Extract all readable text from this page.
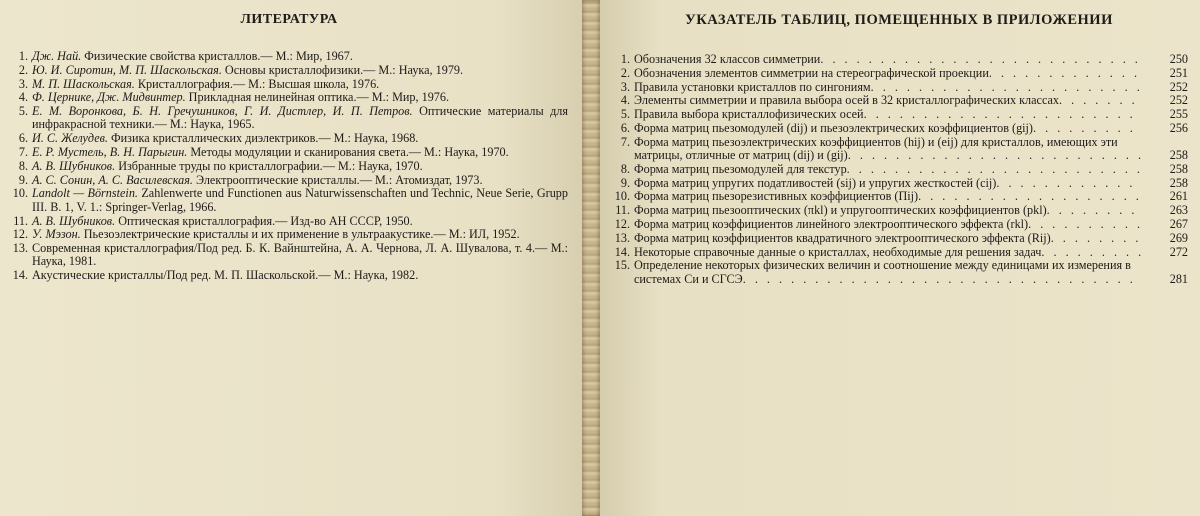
ЛИТЕРАТУРА
1. Дж. Най. Физические свойства кристаллов.— М.: Мир, 1967.
2. Ю. И. Сиротин, М. П. Шаскольская. Основы кристаллофизики.— М.: Наука, 1979.
3. М. П. Шаскольская. Кристаллография.— М.: Высшая школа, 1976.
4. Ф. Цернике, Дж. Мидвинтер. Прикладная нелинейная оптика.— М.: Мир, 1976.
5. Е. М. Воронкова, Б. Н. Гречушников, Г. И. Дистлер, И. П. Петров. Оптические материалы для инфракрасной техники.— М.: Наука, 1965.
6. И. С. Желудев. Физика кристаллических диэлектриков.— М.: Наука, 1968.
7. Е. Р. Мустель, В. Н. Парыгин. Методы модуляции и сканирования света.— М.: Наука, 1970.
8. А. В. Шубников. Избранные труды по кристаллографии.— М.: Наука, 1970.
9. А. С. Сонин, А. С. Василевская. Электрооптические кристаллы.— М.: Атомиздат, 1973.
10. Landolt — Börnstein. Zahlenwerte und Functionen aus Naturwissenschaften und Technic, Neue Serie, Grupp III. B. 1, V. 1.: Springer-Verlag, 1966.
11. А. В. Шубников. Оптическая кристаллография.— Изд-во АН СССР, 1950.
12. У. Мэзон. Пьезоэлектрические кристаллы и их применение в ультраакустике.— М.: ИЛ, 1952.
13. Современная кристаллография/Под ред. Б. К. Вайнштейна, А. А. Чернова, Л. А. Шувалова, т. 4.— М.: Наука, 1981.
14. Акустические кристаллы/Под ред. М. П. Шаскольской.— М.: Наука, 1982.
УКАЗАТЕЛЬ ТАБЛИЦ, ПОМЕЩЕННЫХ В ПРИЛОЖЕНИИ
1. Обозначения 32 классов симметрии . . .	250
2. Обозначения элементов симметрии на стереографической проекции . . .	251
3. Правила установки кристаллов по сингониям . . .	252
4. Элементы симметрии и правила выбора осей в 32 кристаллографических классах . . .	252
5. Правила выбора кристаллофизических осей . . .	255
6. Форма матриц пьезомодулей (dij) и пьезоэлектрических коэффициентов (gij) . . .	256
7. Форма матриц пьезоэлектрических коэффициентов (hij) и (eij) для кристаллов, имеющих эти матрицы, отличные от матриц (dij) и (gij) . . .	258
8. Форма матриц пьезомодулей для текстур . . .	258
9. Форма матриц упругих податливостей (sij) и упругих жесткостей (cij) . . .	258
10. Форма матриц пьезорезистивных коэффициентов (Πij) . . .	261
11. Форма матриц пьезооптических (πkl) и упругооптических коэффициентов (pkl) . . .	263
12. Форма матриц коэффициентов линейного электрооптического эффекта (rkl) . . .	267
13. Форма матриц коэффициентов квадратичного электрооптического эффекта (Rij) . . .	269
14. Некоторые справочные данные о кристаллах, необходимые для решения задач . . .	272
15. Определение некоторых физических величин и соотношение между единицами их измерения в системах Си и СГСЭ . . .	281
